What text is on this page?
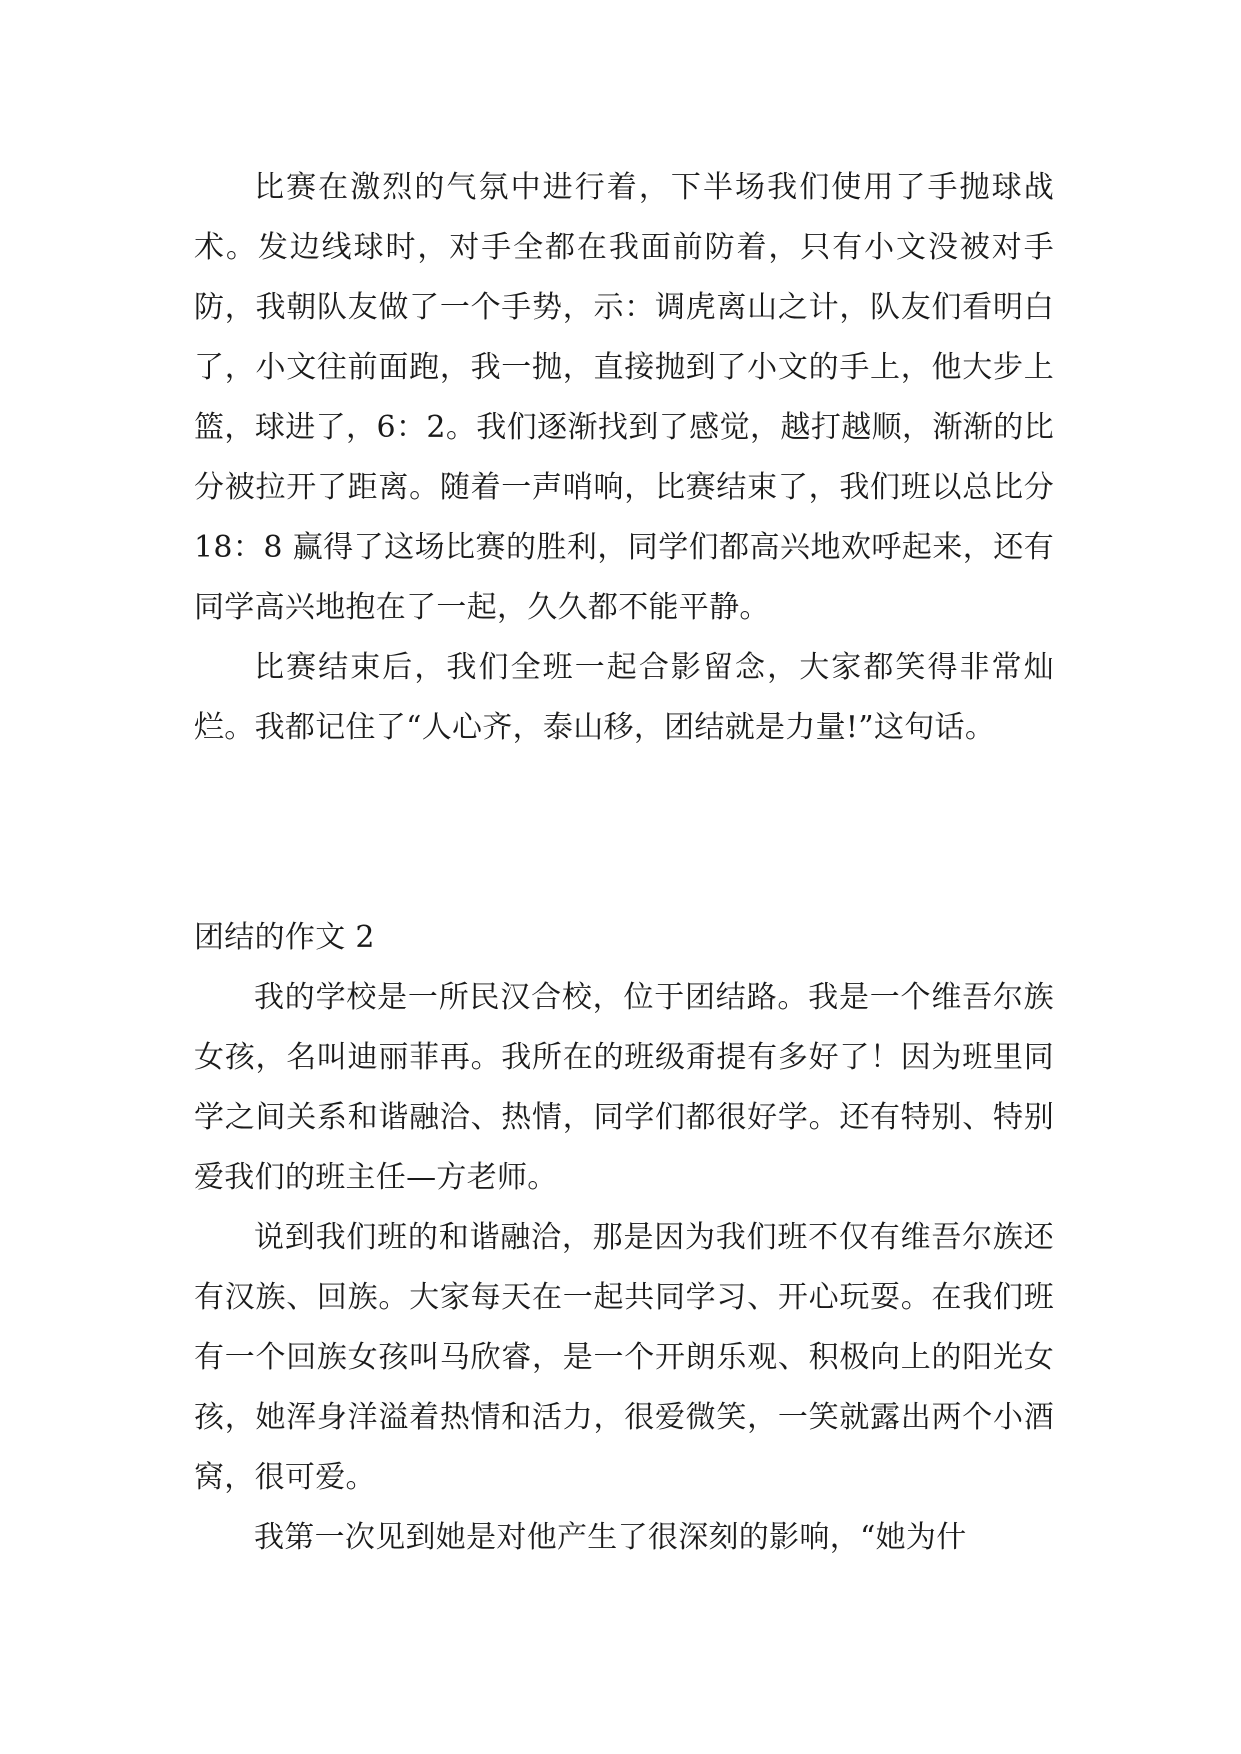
比赛在激烈的气氛中进行着，下半场我们使用了手抛球战术。发边线球时，对手全都在我面前防着，只有小文没被对手防，我朝队友做了一个手势，示：调虎离山之计，队友们看明白了，小文往前面跑，我一抛，直接抛到了小文的手上，他大步上篮，球进了，6：2。我们逐渐找到了感觉，越打越顺，渐渐的比分被拉开了距离。随着一声哨响，比赛结束了，我们班以总比分 18：8 赢得了这场比赛的胜利，同学们都高兴地欢呼起来，还有同学高兴地抱在了一起，久久都不能平静。

比赛结束后，我们全班一起合影留念，大家都笑得非常灿烂。我都记住了“人心齐，泰山移，团结就是力量!”这句话。

团结的作文 2

我的学校是一所民汉合校，位于团结路。我是一个维吾尔族女孩，名叫迪丽菲再。我所在的班级甭提有多好了！因为班里同学之间关系和谐融洽、热情，同学们都很好学。还有特别、特别爱我们的班主任—方老师。

说到我们班的和谐融洽，那是因为我们班不仅有维吾尔族还有汉族、回族。大家每天在一起共同学习、开心玩耍。在我们班有一个回族女孩叫马欣睿，是一个开朗乐观、积极向上的阳光女孩，她浑身洋溢着热情和活力，很爱微笑，一笑就露出两个小酒窝，很可爱。

我第一次见到她是对他产生了很深刻的影响，“她为什
